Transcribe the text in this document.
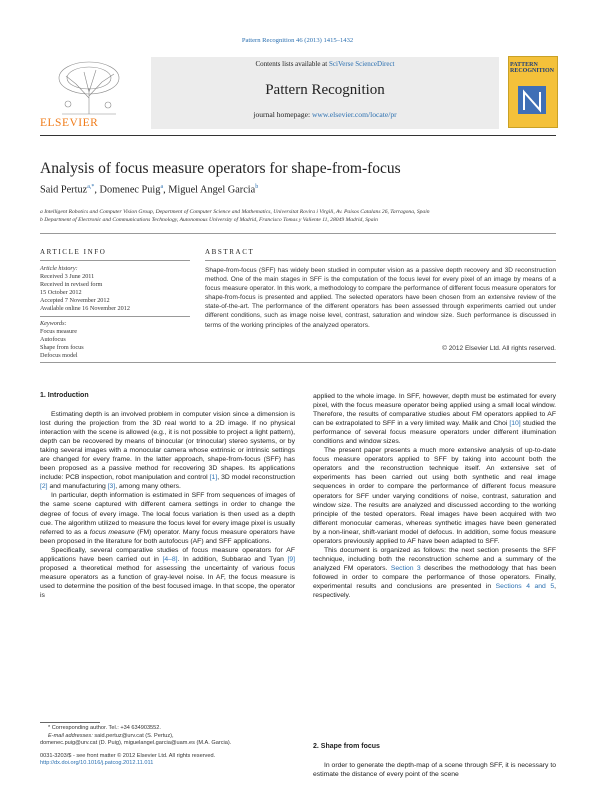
Pattern Recognition 46 (2013) 1415–1432
ELSEVIER
Contents lists available at SciVerse ScienceDirect
Pattern Recognition
journal homepage: www.elsevier.com/locate/pr
PATTERN RECOGNITION
Analysis of focus measure operators for shape-from-focus
Said Pertuz$^{a,*}$, Domenec Puig$^a$, Miguel Angel Garcia$^b$
a Intelligent Robotics and Computer Vision Group, Department of Computer Science and Mathematics, Universitat Rovira i Virgili, Av. Paisos Catalans 26, Tarragona, Spain
b Department of Electronic and Communications Technology, Autonomous University of Madrid, Francisco Tomas y Valiente 11, 28049 Madrid, Spain
ARTICLE INFO
Article history:
Received 3 June 2011
Received in revised form
15 October 2012
Accepted 7 November 2012
Available online 16 November 2012
Keywords:
Focus measure
Autofocus
Shape from focus
Defocus model
ABSTRACT
Shape-from-focus (SFF) has widely been studied in computer vision as a passive depth recovery and 3D reconstruction method. One of the main stages in SFF is the computation of the focus level for every pixel of an image by means of a focus measure operator. In this work, a methodology to compare the performance of different focus measure operators for shape-from-focus is presented and applied. The selected operators have been chosen from an extensive review of the state-of-the-art. The performance of the different operators has been assessed through experiments carried out under different conditions, such as image noise level, contrast, saturation and window size. Such performance is discussed in terms of the working principles of the analyzed operators.
© 2012 Elsevier Ltd. All rights reserved.
1. Introduction

Estimating depth is an involved problem in computer vision since a dimension is lost during the projection from the 3D real world to a 2D image. If no physical interaction with the scene is allowed (e.g., it is not possible to project a light pattern), depth can be recovered by means of binocular (or trinocular) stereo systems, or by taking several images with a monocular camera whose extrinsic or intrinsic settings are changed for every frame. In the latter approach, shape-from-focus (SFF) has been proposed as a passive method for recovering 3D shapes. Its applications include: PCB inspection, robot manipulation and control [1], 3D model reconstruction [2] and manufacturing [3], among many others.

In particular, depth information is estimated in SFF from sequences of images of the same scene captured with different camera settings in order to change the degree of focus of every image. The local focus variation is then used as a depth cue. The algorithm utilized to measure the focus level for every image pixel is usually referred to as a focus measure (FM) operator. Many focus measure operators have been proposed in the literature for both autofocus (AF) and SFF applications.

Specifically, several comparative studies of focus measure operators for AF applications have been carried out in [4–8]. In addition, Subbarao and Tyan [9] proposed a theoretical method for assessing the uncertainty of various focus measure operators as a function of gray-level noise. In AF, the focus measure is used to determine the position of the best focused image. In that scope, the operator is

* Corresponding author. Tel.: +34 634903552.
E-mail addresses: said.pertuz@urv.cat (S. Pertuz),
domenec.puig@urv.cat (D. Puig), miguelangel.garcia@uam.es (M.A. Garcia).
0031-3203/$ - see front matter © 2012 Elsevier Ltd. All rights reserved.
http://dx.doi.org/10.1016/j.patcog.2012.11.011

applied to the whole image. In SFF, however, depth must be estimated for every pixel, with the focus measure operator being applied using a small local window. Therefore, the results of comparative studies about FM operators applied to AF can be extrapolated to SFF in a very limited way. Malik and Choi [10] studied the performance of several focus measure operators under different illumination conditions and window sizes.

The present paper presents a much more extensive analysis of up-to-date focus measure operators applied to SFF by taking into account both the operators and the reconstruction technique itself. An extensive set of experiments has been carried out using both synthetic and real image sequences in order to compare the performance of different focus measure operators for SFF under varying conditions of noise, contrast, saturation and window size. The results are analyzed and discussed according to the working principle of the tested operators. Real images have been acquired with two different monocular cameras, whereas synthetic images have been generated by a non-linear, shift-variant model of defocus. In addition, some focus measure operators previously applied to AF have been adapted to SFF.

This document is organized as follows: the next section presents the SFF technique, including both the reconstruction scheme and a summary of the analyzed FM operators. Section 3 describes the methodology that has been followed in order to compare the performance of those operators. Finally, experimental results and conclusions are presented in Sections 4 and 5, respectively.

2. Shape from focus

In order to generate the depth-map of a scene through SFF, it is necessary to estimate the distance of every point of the scene
